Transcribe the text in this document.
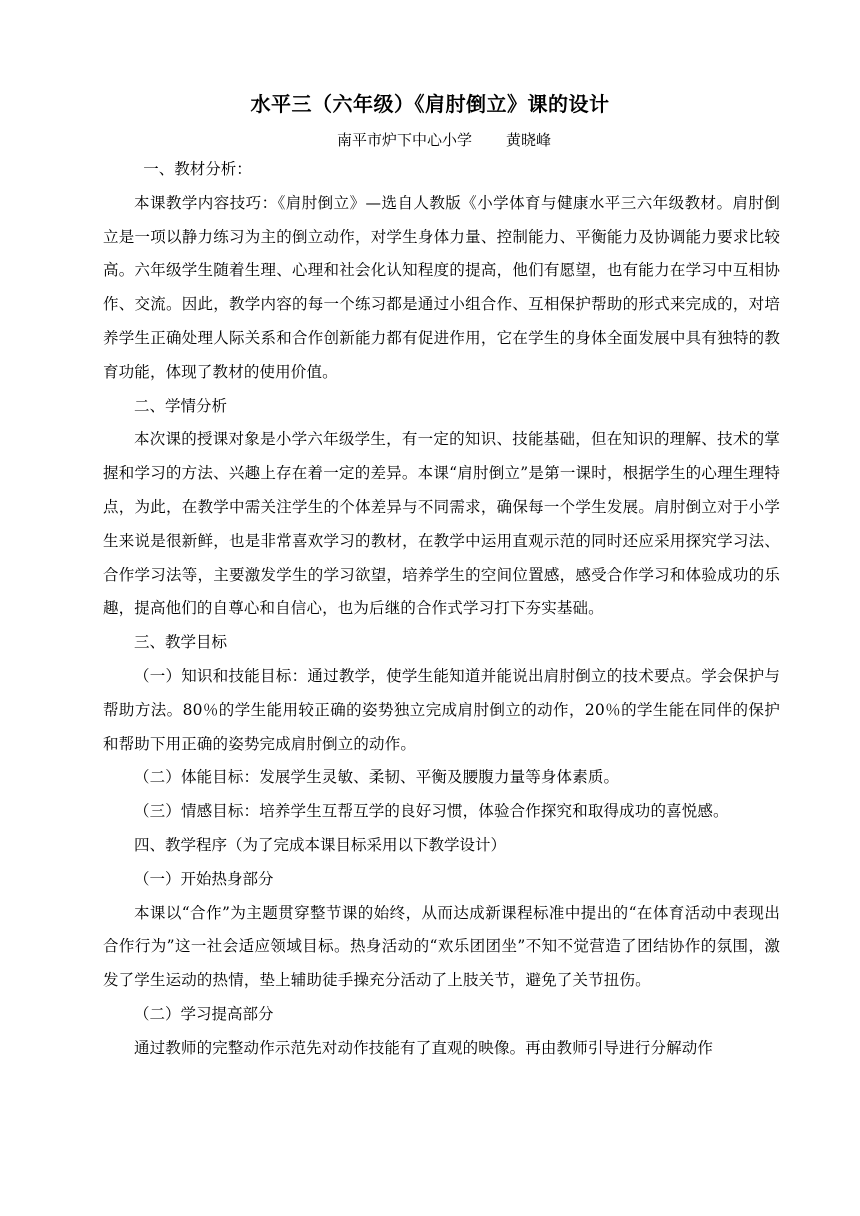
水平三（六年级）《肩肘倒立》课的设计
南平市炉下中心小学 黄晓峰

一、教材分析：

本课教学内容技巧：《肩肘倒立》—选自人教版《小学体育与健康水平三六年级教材。肩肘倒立是一项以静力练习为主的倒立动作，对学生身体力量、控制能力、平衡能力及协调能力要求比较高。六年级学生随着生理、心理和社会化认知程度的提高，他们有愿望，也有能力在学习中互相协作、交流。因此，教学内容的每一个练习都是通过小组合作、互相保护帮助的形式来完成的，对培养学生正确处理人际关系和合作创新能力都有促进作用，它在学生的身体全面发展中具有独特的教育功能，体现了教材的使用价值。

二、学情分析

本次课的授课对象是小学六年级学生，有一定的知识、技能基础，但在知识的理解、技术的掌握和学习的方法、兴趣上存在着一定的差异。本课“肩肘倒立”是第一课时，根据学生的心理生理特点，为此，在教学中需关注学生的个体差异与不同需求，确保每一个学生发展。肩肘倒立对于小学生来说是很新鲜，也是非常喜欢学习的教材，在教学中运用直观示范的同时还应采用探究学习法、合作学习法等，主要激发学生的学习欲望，培养学生的空间位置感，感受合作学习和体验成功的乐趣，提高他们的自尊心和自信心，也为后继的合作式学习打下夯实基础。

三、教学目标

（一）知识和技能目标：通过教学，使学生能知道并能说出肩肘倒立的技术要点。学会保护与帮助方法。80％的学生能用较正确的姿势独立完成肩肘倒立的动作，20％的学生能在同伴的保护和帮助下用正确的姿势完成肩肘倒立的动作。

（二）体能目标：发展学生灵敏、柔韧、平衡及腰腹力量等身体素质。

（三）情感目标：培养学生互帮互学的良好习惯，体验合作探究和取得成功的喜悦感。

四、教学程序（为了完成本课目标采用以下教学设计）

（一）开始热身部分

本课以“合作”为主题贯穿整节课的始终，从而达成新课程标准中提出的“在体育活动中表现出合作行为”这一社会适应领域目标。热身活动的“欢乐团团坐”不知不觉营造了团结协作的氛围，激发了学生运动的热情，垫上辅助徒手操充分活动了上肢关节，避免了关节扭伤。

（二）学习提高部分

通过教师的完整动作示范先对动作技能有了直观的映像。再由教师引导进行分解动作
